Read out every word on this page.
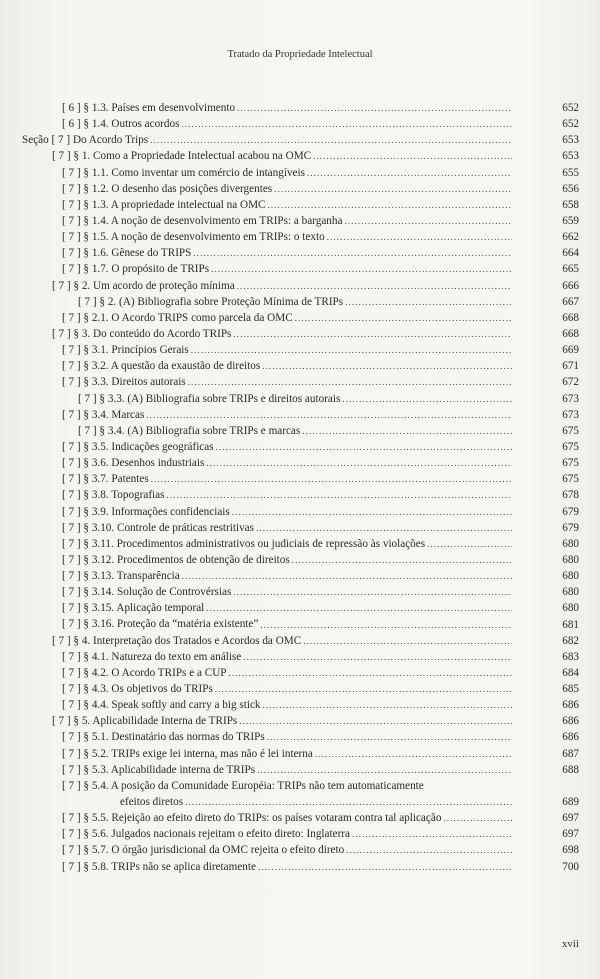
Tratado da Propriedade Intelectual
[ 6 ] § 1.3. Países em desenvolvimento .....	652
[ 6 ] § 1.4. Outros acordos .....	652
Seção [ 7 ] Do Acordo Trips .....	653
[ 7 ] § 1. Como a Propriedade Intelectual acabou na OMC .....	653
[ 7 ] § 1.1. Como inventar um comércio de intangíveis .....	655
[ 7 ] § 1.2. O desenho das posições divergentes .....	656
[ 7 ] § 1.3. A propriedade intelectual na OMC .....	658
[ 7 ] § 1.4. A noção de desenvolvimento em TRIPs: a barganha .....	659
[ 7 ] § 1.5. A noção de desenvolvimento em TRIPs: o texto .....	662
[ 7 ] § 1.6. Gênese do TRIPS .....	664
[ 7 ] § 1.7. O propósito de TRIPs .....	665
[ 7 ] § 2. Um acordo de proteção mínima .....	666
[ 7 ] § 2. (A) Bibliografia sobre Proteção Mínima de TRIPs .....	667
[ 7 ] § 2.1. O Acordo TRIPS como parcela da OMC .....	668
[ 7 ] § 3. Do conteúdo do Acordo TRIPs .....	668
[ 7 ] § 3.1. Princípios Gerais .....	669
[ 7 ] § 3.2. A questão da exaustão de direitos .....	671
[ 7 ] § 3.3. Direitos autorais .....	672
[ 7 ] § 3.3. (A) Bibliografia sobre TRIPs e direitos autorais .....	673
[ 7 ] § 3.4. Marcas .....	673
[ 7 ] § 3.4. (A) Bibliografia sobre TRIPs e marcas .....	675
[ 7 ] § 3.5. Indicações geográficas .....	675
[ 7 ] § 3.6. Desenhos industriais .....	675
[ 7 ] § 3.7. Patentes .....	675
[ 7 ] § 3.8. Topografias .....	678
[ 7 ] § 3.9. Informações confidenciais .....	679
[ 7 ] § 3.10. Controle de práticas restritivas .....	679
[ 7 ] § 3.11. Procedimentos administrativos ou judiciais de repressão às violações .....	680
[ 7 ] § 3.12. Procedimentos de obtenção de direitos .....	680
[ 7 ] § 3.13. Transparência .....	680
[ 7 ] § 3.14. Solução de Controvérsias .....	680
[ 7 ] § 3.15. Aplicação temporal .....	680
[ 7 ] § 3.16. Proteção da “matéria existente” .....	681
[ 7 ] § 4. Interpretação dos Tratados e Acordos da OMC .....	682
[ 7 ] § 4.1. Natureza do texto em análise .....	683
[ 7 ] § 4.2. O Acordo TRIPs e a CUP .....	684
[ 7 ] § 4.3. Os objetivos do TRIPs .....	685
[ 7 ] § 4.4. Speak softly and carry a big stick .....	686
[ 7 ] § 5. Aplicabilidade Interna de TRIPs .....	686
[ 7 ] § 5.1. Destinatário das normas do TRIPs .....	686
[ 7 ] § 5.2. TRIPs exige lei interna, mas não é lei interna .....	687
[ 7 ] § 5.3. Aplicabilidade interna de TRIPs .....	688
[ 7 ] § 5.4. A posição da Comunidade Européia: TRIPs não tem automaticamente
efeitos diretos .....	689
[ 7 ] § 5.5. Rejeição ao efeito direto do TRIPs: os países votaram contra tal aplicação .....	697
[ 7 ] § 5.6. Julgados nacionais rejeitam o efeito direto: Inglaterra .....	697
[ 7 ] § 5.7. O órgão jurisdicional da OMC rejeita o efeito direto .....	698
[ 7 ] § 5.8. TRIPs não se aplica diretamente .....	700
xvii
